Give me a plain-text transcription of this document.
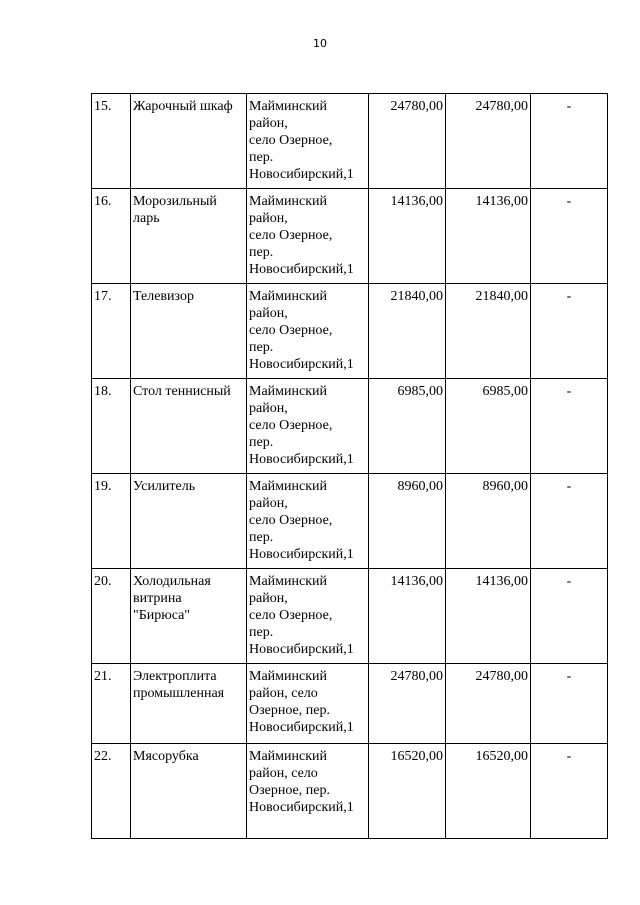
10
15.	Жарочный шкаф	Майминский
район,
село Озерное,
пер.
Новосибирский,1	24780,00	24780,00	-
16.	Морозильный
ларь	Майминский
район,
село Озерное,
пер.
Новосибирский,1	14136,00	14136,00	-
17.	Телевизор	Майминский
район,
село Озерное,
пер.
Новосибирский,1	21840,00	21840,00	-
18.	Стол теннисный	Майминский
район,
село Озерное,
пер.
Новосибирский,1	6985,00	6985,00	-
19.	Усилитель	Майминский
район,
село Озерное,
пер.
Новосибирский,1	8960,00	8960,00	-
20.	Холодильная
витрина
"Бирюса"	Майминский
район,
село Озерное,
пер.
Новосибирский,1	14136,00	14136,00	-
21.	Электроплита
промышленная	Майминский
район, село
Озерное, пер.
Новосибирский,1	24780,00	24780,00	-
22.	Мясорубка	Майминский
район, село
Озерное, пер.
Новосибирский,1	16520,00	16520,00	-
